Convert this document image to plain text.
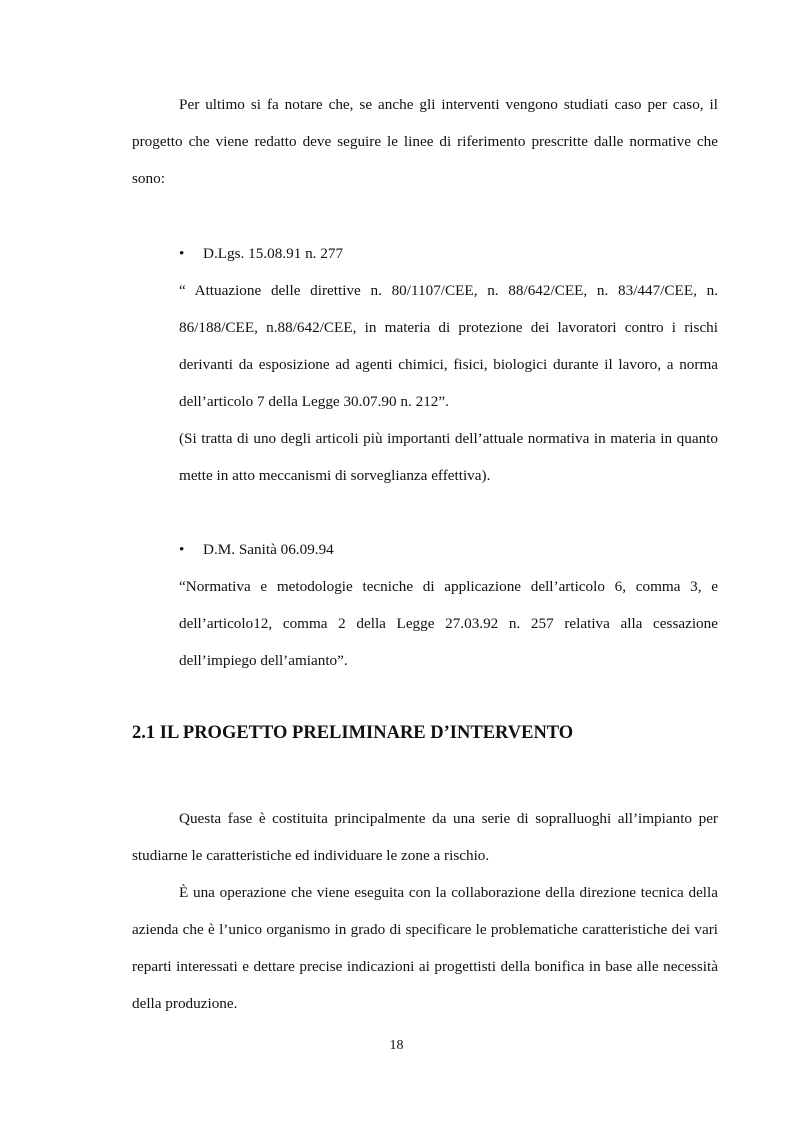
Per ultimo si fa notare che, se anche gli interventi vengono studiati caso per caso, il progetto che viene redatto deve seguire le linee di riferimento prescritte dalle normative che sono:

• D.Lgs. 15.08.91 n. 277

“ Attuazione delle direttive n. 80/1107/CEE, n. 88/642/CEE, n. 83/447/CEE, n. 86/188/CEE, n.88/642/CEE, in materia di protezione dei lavoratori contro i rischi derivanti da esposizione ad agenti chimici, fisici, biologici durante il lavoro, a norma dell’articolo 7 della Legge 30.07.90 n. 212”.

(Si tratta di uno degli articoli più importanti dell’attuale normativa in materia in quanto mette in atto meccanismi di sorveglianza effettiva).

• D.M. Sanità 06.09.94

“Normativa e metodologie tecniche di applicazione dell’articolo 6, comma 3, e dell’articolo12, comma 2 della Legge 27.03.92 n. 257 relativa alla cessazione dell’impiego dell’amianto”.

2.1 IL PROGETTO PRELIMINARE D’INTERVENTO

Questa fase è costituita principalmente da una serie di sopralluoghi all’impianto per studiarne le caratteristiche ed individuare le zone a rischio.

È una operazione che viene eseguita con la collaborazione della direzione tecnica della azienda che è l’unico organismo in grado di specificare le problematiche caratteristiche dei vari reparti interessati e dettare precise indicazioni ai progettisti della bonifica in base alle necessità della produzione.

18
